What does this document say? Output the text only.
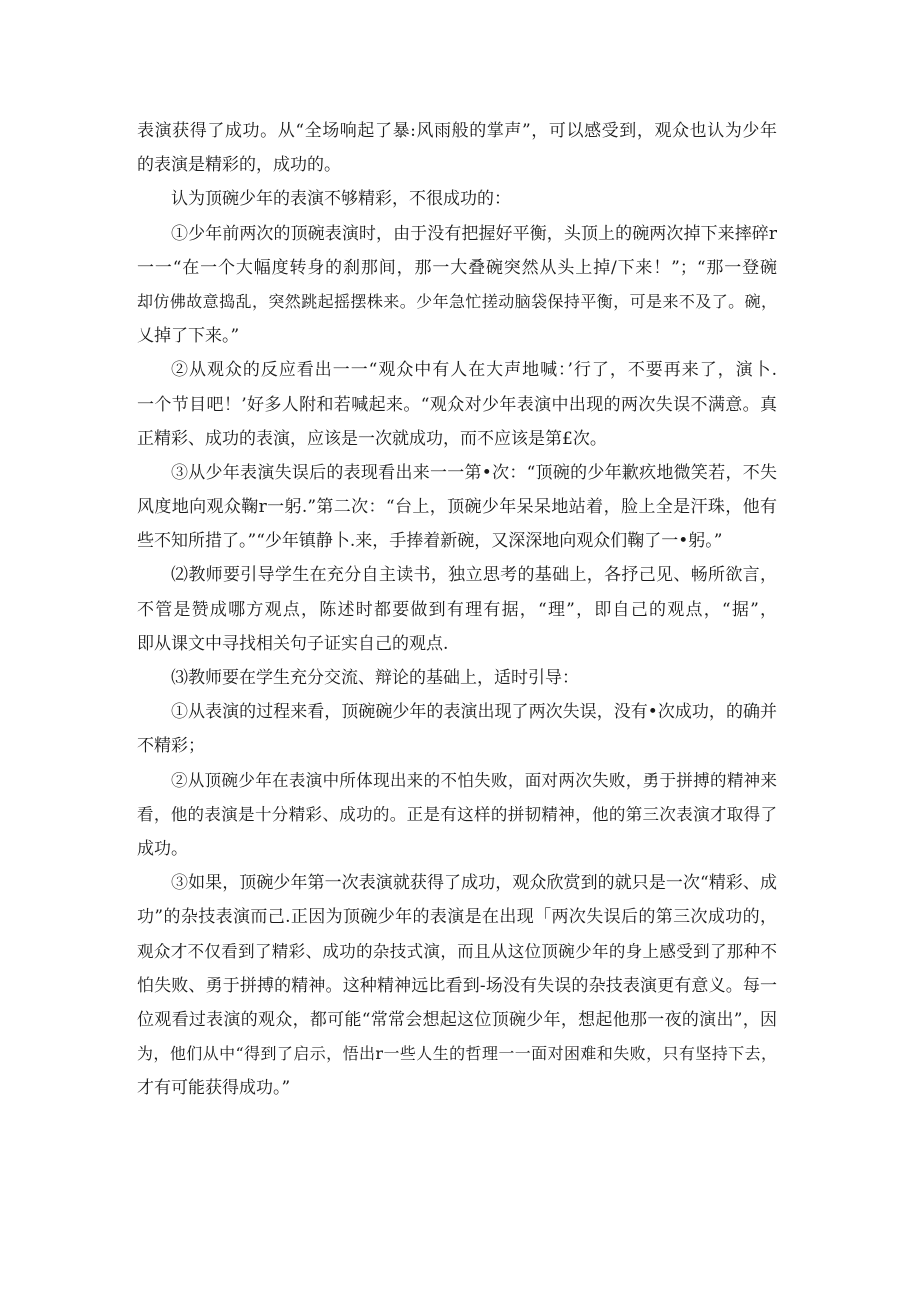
表演获得了成功。从“全场响起了暴:风雨般的掌声”，可以感受到，观众也认为少年
的表演是精彩的，成功的。
认为顶碗少年的表演不够精彩，不很成功的：
①少年前两次的顶碗表演时，由于没有把握好平衡，头顶上的碗两次掉下来摔碎r
一一“在一个大幅度转身的刹那间，那一大叠碗突然从头上掉/下来！”；“那一登碗
却仿佛故意捣乱，突然跳起摇摆株来。少年急忙搓动脑袋保持平衡，可是来不及了。碗，
乂掉了下来。”
②从观众的反应看出一一“观众中有人在大声地喊：’行了，不要再来了，演卜.
一个节目吧！’好多人附和若喊起来。“观众对少年表演中出现的两次失误不满意。真
正精彩、成功的表演，应该是一次就成功，而不应该是第£次。
③从少年表演失误后的表现看出来一一第•次：“顶碗的少年歉疚地微笑若，不失
风度地向观众鞠r一躬.”第二次：“台上，顶碗少年呆呆地站着，脸上全是汗珠，他有
些不知所措了。”“少年镇静卜.来，手捧着新碗，又深深地向观众们鞠了一•躬。”
⑵教师要引导学生在充分自主读书，独立思考的基础上，各抒己见、畅所欲言，
不管是赞成哪方观点，陈述时都要做到有理有据，“理”，即自己的观点，“据”，
即从课文中寻找相关句子证实自己的观点.
⑶教师要在学生充分交流、辩论的基础上，适时引导：
①从表演的过程来看，顶碗碗少年的表演出现了两次失误，没有•次成功，的确并
不精彩；
②从顶碗少年在表演中所体现出来的不怕失败，面对两次失败，勇于拼搏的精神来
看，他的表演是十分精彩、成功的。正是有这样的拼韧精神，他的第三次表演才取得了
成功。
③如果，顶碗少年第一次表演就获得了成功，观众欣赏到的就只是一次“精彩、成
功”的杂技表演而己.正因为顶碗少年的表演是在出现「两次失误后的第三次成功的，
观众才不仅看到了精彩、成功的杂技式演，而且从这位顶碗少年的身上感受到了那种不
怕失败、勇于拼搏的精神。这种精神远比看到-场没有失误的杂技表演更有意义。每一
位观看过表演的观众，都可能“常常会想起这位顶碗少年，想起他那一夜的演出”，因
为，他们从中“得到了启示，悟出r一些人生的哲理一一面对困难和失败，只有坚持下去，
才有可能获得成功。”
